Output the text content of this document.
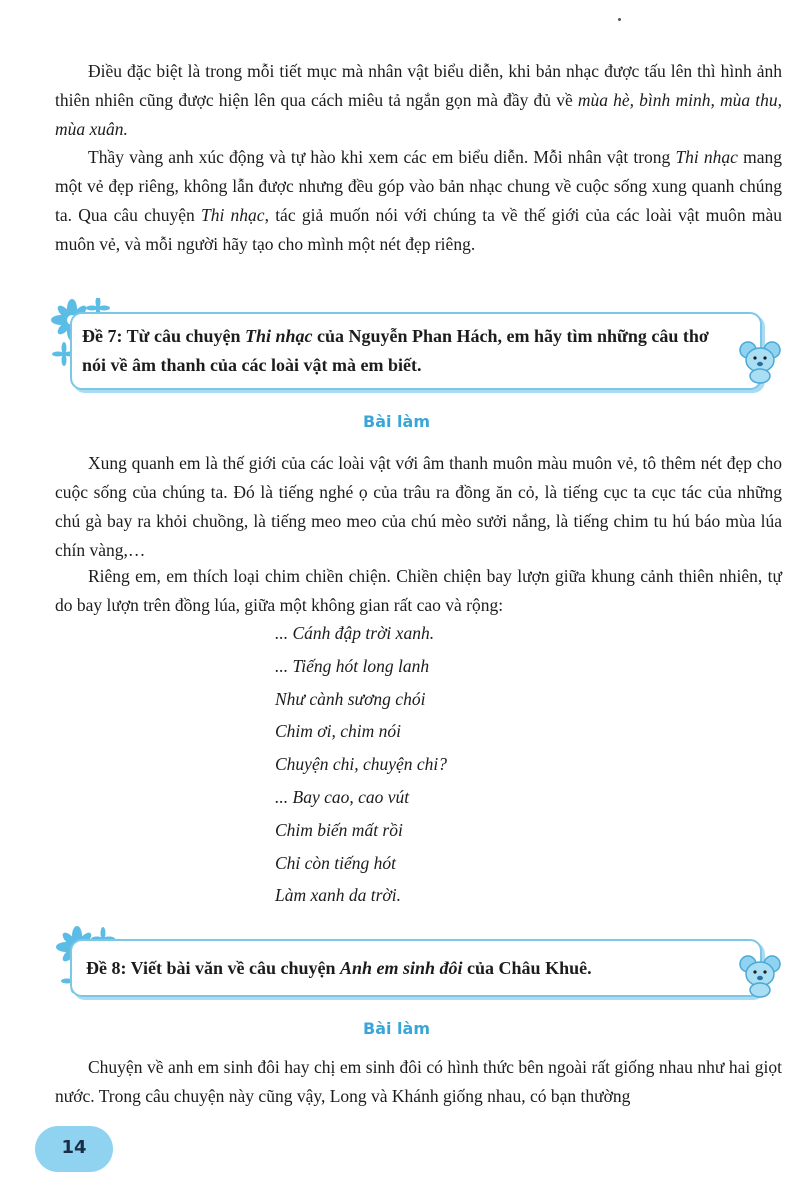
Điều đặc biệt là trong mỗi tiết mục mà nhân vật biểu diễn, khi bản nhạc được tấu lên thì hình ảnh thiên nhiên cũng được hiện lên qua cách miêu tả ngắn gọn mà đầy đủ về mùa hè, bình minh, mùa thu, mùa xuân.

Thầy vàng anh xúc động và tự hào khi xem các em biểu diễn. Mỗi nhân vật trong Thi nhạc mang một vẻ đẹp riêng, không lẫn được nhưng đều góp vào bản nhạc chung về cuộc sống xung quanh chúng ta. Qua câu chuyện Thi nhạc, tác giả muốn nói với chúng ta về thế giới của các loài vật muôn màu muôn vẻ, và mỗi người hãy tạo cho mình một nét đẹp riêng.

Đề 7: Từ câu chuyện Thi nhạc của Nguyễn Phan Hách, em hãy tìm những câu thơ nói về âm thanh của các loài vật mà em biết.
Bài làm

Xung quanh em là thế giới của các loài vật với âm thanh muôn màu muôn vẻ, tô thêm nét đẹp cho cuộc sống của chúng ta. Đó là tiếng nghé ọ của trâu ra đồng ăn cỏ, là tiếng cục ta cục tác của những chú gà bay ra khỏi chuồng, là tiếng meo meo của chú mèo sưởi nắng, là tiếng chim tu hú báo mùa lúa chín vàng,…

Riêng em, em thích loại chim chiền chiện. Chiền chiện bay lượn giữa khung cảnh thiên nhiên, tự do bay lượn trên đồng lúa, giữa một không gian rất cao và rộng:

... Cánh đập trời xanh.
... Tiếng hót long lanh
Như cành sương chói
Chim ơi, chim nói
Chuyện chi, chuyện chi?
... Bay cao, cao vút
Chim biến mất rồi
Chỉ còn tiếng hót
Làm xanh da trời.
Đề 8: Viết bài văn về câu chuyện Anh em sinh đôi của Châu Khuê.
Bài làm

Chuyện về anh em sinh đôi hay chị em sinh đôi có hình thức bên ngoài rất giống nhau như hai giọt nước. Trong câu chuyện này cũng vậy, Long và Khánh giống nhau, có bạn thường

14
